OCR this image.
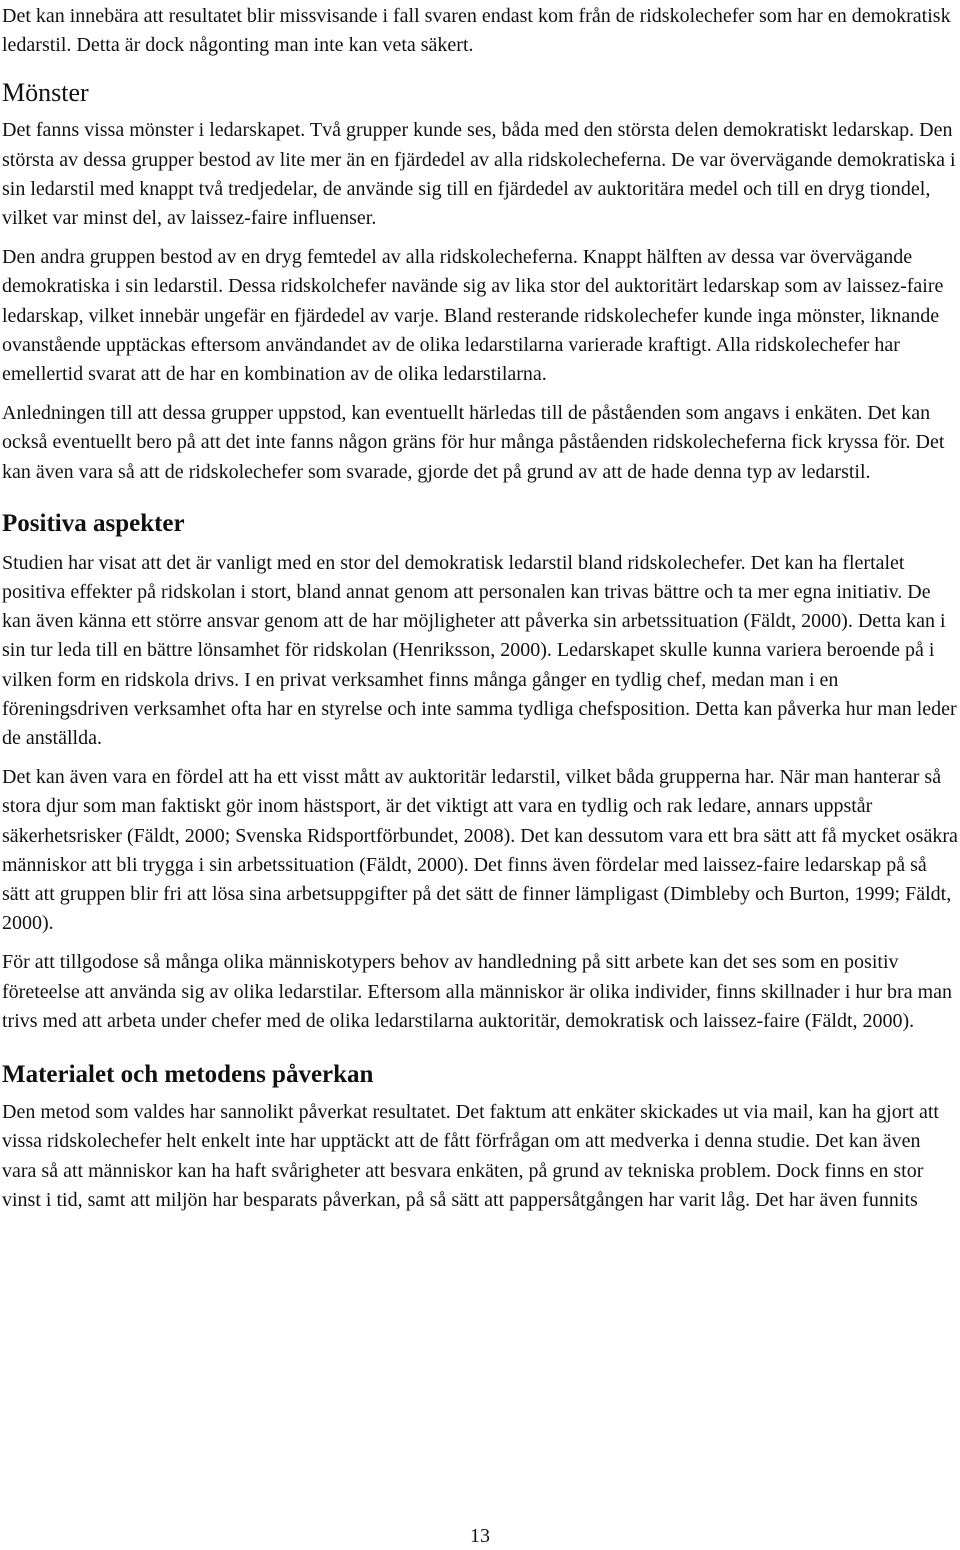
Det kan innebära att resultatet blir missvisande i fall svaren endast kom från de ridskolechefer som har en demokratisk ledarstil. Detta är dock någonting man inte kan veta säkert.

Mönster

Det fanns vissa mönster i ledarskapet. Två grupper kunde ses, båda med den största delen demokratiskt ledarskap. Den största av dessa grupper bestod av lite mer än en fjärdedel av alla ridskolecheferna. De var övervägande demokratiska i sin ledarstil med knappt två tredjedelar, de använde sig till en fjärdedel av auktoritära medel och till en dryg tiondel, vilket var minst del, av laissez-faire influenser.

Den andra gruppen bestod av en dryg femtedel av alla ridskolecheferna. Knappt hälften av dessa var övervägande demokratiska i sin ledarstil. Dessa ridskolchefer navände sig av lika stor del auktoritärt ledarskap som av laissez-faire ledarskap, vilket innebär ungefär en fjärdedel av varje. Bland resterande ridskolechefer kunde inga mönster, liknande ovanstående upptäckas eftersom användandet av de olika ledarstilarna varierade kraftigt. Alla ridskolechefer har emellertid svarat att de har en kombination av de olika ledarstilarna.

Anledningen till att dessa grupper uppstod, kan eventuellt härledas till de påståenden som angavs i enkäten. Det kan också eventuellt bero på att det inte fanns någon gräns för hur många påståenden ridskolecheferna fick kryssa för. Det kan även vara så att de ridskolechefer som svarade, gjorde det på grund av att de hade denna typ av ledarstil.

Positiva aspekter

Studien har visat att det är vanligt med en stor del demokratisk ledarstil bland ridskolechefer. Det kan ha flertalet positiva effekter på ridskolan i stort, bland annat genom att personalen kan trivas bättre och ta mer egna initiativ. De kan även känna ett större ansvar genom att de har möjligheter att påverka sin arbetssituation (Fäldt, 2000). Detta kan i sin tur leda till en bättre lönsamhet för ridskolan (Henriksson, 2000). Ledarskapet skulle kunna variera beroende på i vilken form en ridskola drivs. I en privat verksamhet finns många gånger en tydlig chef, medan man i en föreningsdriven verksamhet ofta har en styrelse och inte samma tydliga chefsposition. Detta kan påverka hur man leder de anställda.

Det kan även vara en fördel att ha ett visst mått av auktoritär ledarstil, vilket båda grupperna har. När man hanterar så stora djur som man faktiskt gör inom hästsport, är det viktigt att vara en tydlig och rak ledare, annars uppstår säkerhetsrisker (Fäldt, 2000; Svenska Ridsportförbundet, 2008). Det kan dessutom vara ett bra sätt att få mycket osäkra människor att bli trygga i sin arbetssituation (Fäldt, 2000). Det finns även fördelar med laissez-faire ledarskap på så sätt att gruppen blir fri att lösa sina arbetsuppgifter på det sätt de finner lämpligast (Dimbleby och Burton, 1999; Fäldt, 2000).

För att tillgodose så många olika människotypers behov av handledning på sitt arbete kan det ses som en positiv företeelse att använda sig av olika ledarstilar. Eftersom alla människor är olika individer, finns skillnader i hur bra man trivs med att arbeta under chefer med de olika ledarstilarna auktoritär, demokratisk och laissez-faire (Fäldt, 2000).

Materialet och metodens påverkan

Den metod som valdes har sannolikt påverkat resultatet. Det faktum att enkäter skickades ut via mail, kan ha gjort att vissa ridskolechefer helt enkelt inte har upptäckt att de fått förfrågan om att medverka i denna studie. Det kan även vara så att människor kan ha haft svårigheter att besvara enkäten, på grund av tekniska problem. Dock finns en stor vinst i tid, samt att miljön har besparats påverkan, på så sätt att pappersåtgången har varit låg. Det har även funnits

13
